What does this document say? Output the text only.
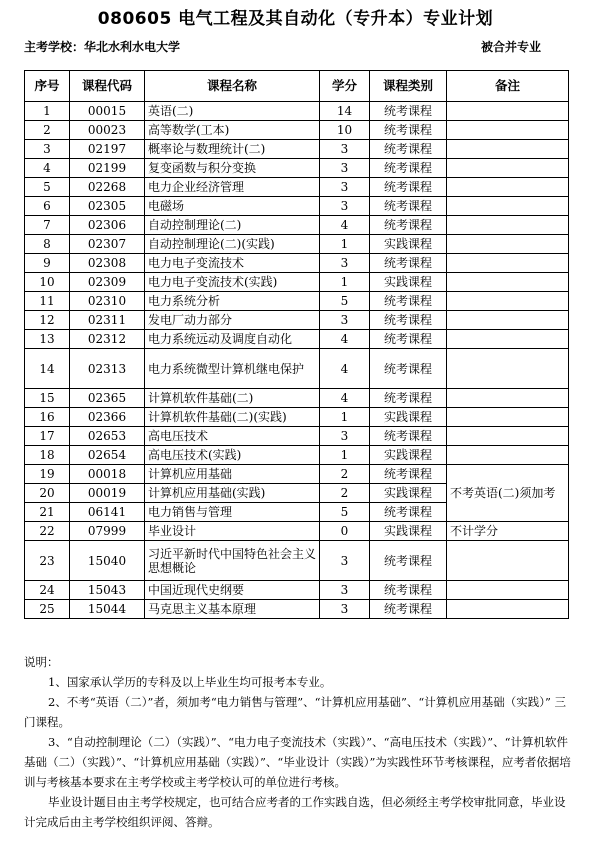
080605 电气工程及其自动化（专升本）专业计划
主考学校：华北水利水电大学	被合并专业
序号	课程代码	课程名称	学分	课程类别	备注
1	00015	英语(二)	14	统考课程	
2	00023	高等数学(工本)	10	统考课程	
3	02197	概率论与数理统计(二)	3	统考课程	
4	02199	复变函数与积分变换	3	统考课程	
5	02268	电力企业经济管理	3	统考课程	
6	02305	电磁场	3	统考课程	
7	02306	自动控制理论(二)	4	统考课程	
8	02307	自动控制理论(二)(实践)	1	实践课程	
9	02308	电力电子变流技术	3	统考课程	
10	02309	电力电子变流技术(实践)	1	实践课程	
11	02310	电力系统分析	5	统考课程	
12	02311	发电厂动力部分	3	统考课程	
13	02312	电力系统远动及调度自动化	4	统考课程	
14	02313	电力系统微型计算机继电保护	4	统考课程	
15	02365	计算机软件基础(二)	4	统考课程	
16	02366	计算机软件基础(二)(实践)	1	实践课程	
17	02653	高电压技术	3	统考课程	
18	02654	高电压技术(实践)	1	实践课程	
19	00018	计算机应用基础	2	统考课程	不考英语(二)须加考
20	00019	计算机应用基础(实践)	2	实践课程	
21	06141	电力销售与管理	5	统考课程	
22	07999	毕业设计	0	实践课程	不计学分
23	15040	习近平新时代中国特色社会主义思想概论	3	统考课程	
24	15043	中国近现代史纲要	3	统考课程	
25	15044	马克思主义基本原理	3	统考课程	

说明：

1、国家承认学历的专科及以上毕业生均可报考本专业。

2、不考“英语（二）”者，须加考“电力销售与管理”、“计算机应用基础”、“计算机应用基础（实践）” 三门课程。

3、“自动控制理论（二）（实践）”、“电力电子变流技术（实践）”、“高电压技术（实践）”、“计算机软件基础（二）（实践）”、“计算机应用基础（实践）”、“毕业设计（实践）”为实践性环节考核课程，应考者依据培训与考核基本要求在主考学校或主考学校认可的单位进行考核。

毕业设计题目由主考学校规定，也可结合应考者的工作实践自选，但必须经主考学校审批同意，毕业设计完成后由主考学校组织评阅、答辩。
